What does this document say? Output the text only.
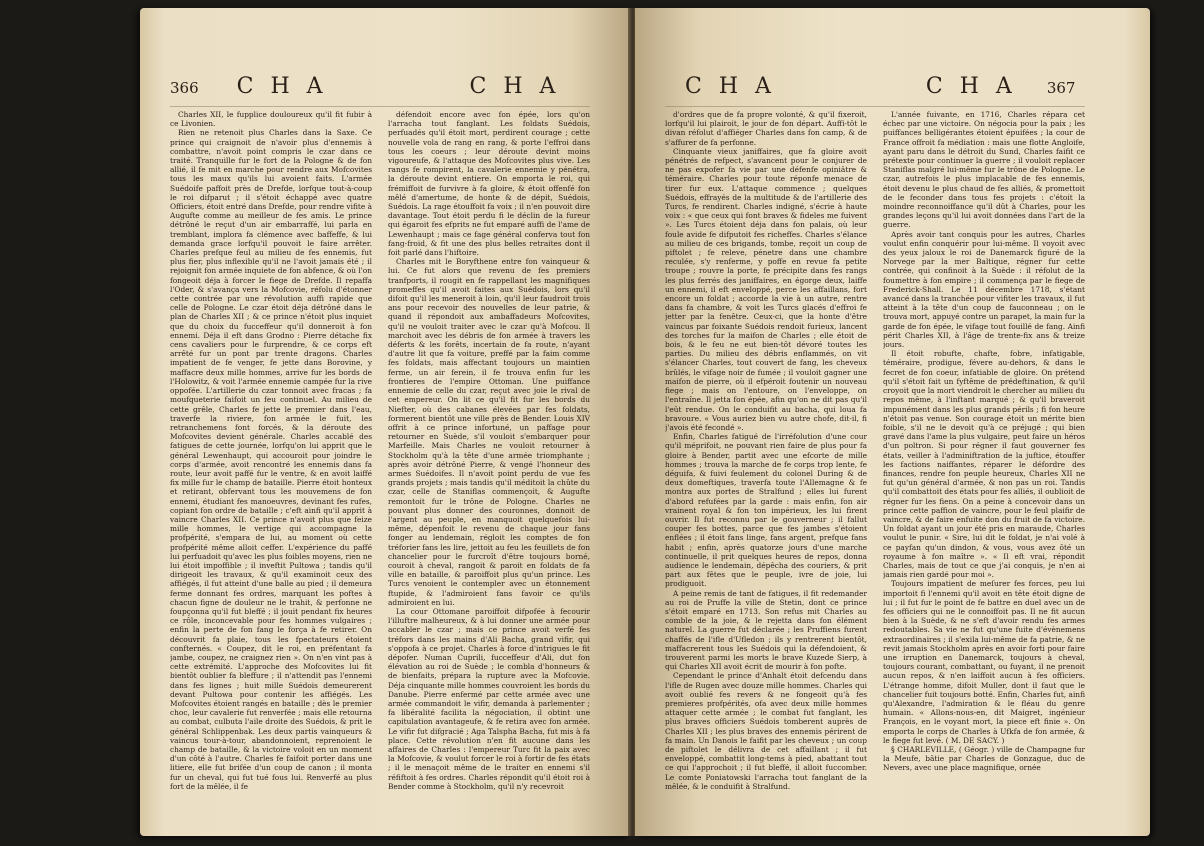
366 C H A	C H A

Charles XII, le fupplice douloureux qu'il fit fubir à ce Livonien.

Rien ne retenoit plus Charles dans la Saxe. Ce prince qui craignoit de n'avoir plus d'ennemis à combattre, n'avoit point compris le czar dans ce traité. Tranquille fur le fort de la Pologne & de fon allié, il fe mit en marche pour rendre aux Mofcovites tous les maux qu'ils lui avoient faits. L'armée Suédoife paffoit près de Drefde, lorfque tout-à-coup le roi difparut ; il s'étoit échappé avec quatre Officiers, étoit entré dans Drefde, pour rendre vifite à Augufte comme au meilleur de fes amis. Le prince détrôné le reçut d'un air embarraffé, lui parla en tremblant, implora fa clémence avec baffeffe, & lui demanda grace lorfqu'il pouvoit le faire arrêter. Charles prefque feul au milieu de fes ennemis, fut plus fier, plus inflexible qu'il ne l'avoit jamais été ; il rejoignit fon armée inquiete de fon abfence, & où l'on fongeoit déja à forcer le fiege de Drefde. Il repaffa l'Oder, & s'avança vers la Mofcovie, réfolu d'étonner cette contrée par une révolution auffi rapide que celle de Pologne. Le czar étoit déja détrôné dans le plan de Charles XII ; & ce prince n'étoit plus inquiet que du choix du fucceffeur qu'il donneroit à fon ennemi. Déja il eft dans Grodno : Pierre détache fix cens cavaliers pour le furprendre, & ce corps eft arrêté fur un pont par trente dragons. Charles impatient de fe venger, fe jette dans Borovine, y maffacre deux mille hommes, arrive fur les bords de l'Holowitz, & voit l'armée ennemie campée fur la rive oppofée. L'artillerie du czar tonnoit avec fracas ; fa moufqueterie faifoit un feu continuel. Au milieu de cette grêle, Charles fe jette le premier dans l'eau, traverfe la riviere, fon armée le fuit, les retranchemens font forcés, & la déroute des Mofcovites devient générale. Charles accablé des fatigues de cette journée, lorfqu'on lui apprit que le général Lewenhaupt, qui accouroit pour joindre le corps d'armée, avoit rencontré les ennemis dans fa route, leur avoit paffé fur le ventre, & en avoit laiffé fix mille fur le champ de bataille. Pierre étoit honteux et retirant, obfervant tous les mouvemens de fon ennemi, étudiant fes manoeuvres, devinant fes rufes, copiant fon ordre de bataille ; c'eft ainfi qu'il apprit à vaincre Charles XII. Ce prince n'avoit plus que feize mille hommes, le vertige qui accompagne la profpérité, s'empara de lui, au moment où cette profpérité même alloit ceffer. L'expérience du paffé lui perfuadoit qu'avec les plus foibles moyens, rien ne lui étoit impoffible ; il inveftit Pultowa ; tandis qu'il dirigeoit les travaux, & qu'il examinoit ceux des affiégés, il fut atteint d'une balle au pied ; il demeura ferme donnant fes ordres, marquant les poftes à chacun figne de douleur ne le trahit, & perfonne ne foupçonna qu'il fut bleffé ; il jouit pendant fix heures ce rôle, inconcevable pour fes hommes vulgaires ; enfin la perte de fon fang le força à fe retirer. On découvrit fa plaie, tous les fpectateurs étoient confternés. « Coupez, dit le roi, en préfentant fa jambe, coupez, ne craignez rien ». On n'en vint pas à cette extrémité. L'approche des Mofcovites lui fit bientôt oublier fa bleffure ; il n'attendit pas l'ennemi dans fes lignes ; huit mille Suédois demeurerent devant Pultowa pour contenir les affiégés. Les Mofcovites étoient rangés en bataille ; dès le premier choc, leur cavalerie fut renverfée ; mais elle retourna au combat, culbuta l'aile droite des Suédois, & prit le général Schlippenbak. Les deux partis vainqueurs & vaincus tour-à-tour, abandonnoient, reprenoient le champ de bataille, & la victoire voloit en un moment d'un côté à l'autre. Charles fe faifoit porter dans une litiere, elle fut brifée d'un coup de canon ; il monta fur un cheval, qui fut tué fous lui. Renverfé au plus fort de la mêlée, il fe

défendoit encore avec fon épée, lors qu'on l'arracha tout fanglant. Les foldats Suédois, perfuadés qu'il étoit mort, perdirent courage ; cette nouvelle vola de rang en rang, & porte l'effroi dans tous les coeurs ; leur déroute devint moins vigoureufe, & l'attaque des Mofcovites plus vive. Les rangs fe rompirent, la cavalerie ennemie y pénétra, la déroute devint entiere. On emporta le roi, qui frémiffoit de furvivre à fa gloire, & étoit offenfé fon mêlé d'amertume, de honte & de dépit, Suédois, Suédois. La rage étouffoit fa voix ; il n'en pouvoit dire davantage. Tout étoit perdu fi le déclin de la fureur qui égaroit fes efprits ne fut emparé auffi de l'ame de Lewenhaupt ; mais ce fage général conferva tout fon fang-froid, & fit une des plus belles retraites dont il foit parlé dans l'hiftoire.

Charles mit le Boryfthene entre fon vainqueur & lui. Ce fut alors que revenu de fes premiers tranfports, il rougit en fe rappellant les magnifiques promeffes qu'il avoit faites aux Suédois, lors qu'il difoit qu'il les meneroit à loin, qu'il leur faudroit trois ans pour recevoir des nouvelles de leur patrie, & quand il répondoit aux ambaffadeurs Mofcovites, qu'il ne vouloit traiter avec le czar qu'à Mofcou. Il marchoit avec les débris de fon armée à travers les déferts & les forêts, incertain de fa route, n'ayant d'autre lit que fa voiture, preffé par la faim comme fes foldats, mais affectant toujours un maintien ferme, un air ferein, il fe trouva enfin fur les frontieres de l'empire Ottoman. Une puiffance ennemie de celle du czar, reçut avec joie le rival de cet empereur. On lit ce qu'il fit fur les bords du Niefter, où des cabanes élevées par fes foldats, formerent bientôt une ville près de Bender. Louis XIV offrit à ce prince infortuné, un paffage pour retourner en Suède, s'il vouloit s'embarquer pour Marfeille. Mais Charles ne vouloit retourner à Stockholm qu'à la tête d'une armée triomphante ; après avoir détrôné Pierre, & vengé l'honneur des armes Suédoifes. Il n'avoit point perdu de vue fes grands projets ; mais tandis qu'il méditoit la chûte du czar, celle de Staniflas commençoit, & Augufte remontoit fur le trône de Pologne. Charles ne pouvant plus donner des couronnes, donnoit de l'argent au peuple, en manquoit quelquefois lui-même, dépenfoit le revenu de chaque jour fans fonger au lendemain, régloit les comptes de fon tréforier fans les lire, jettoit au feu les feuillets de fon chancelier pour le furcroît d'être toujours borné, couroit à cheval, rangoit & paroit en foldats de fa ville en bataille, & paroiffoit plus qu'un prince. Les Turcs venoient le contempler avec un étonnement ftupide, & l'admiroient fans favoir ce qu'ils admiroient en lui.

La cour Ottomane paroiffoit difpofée à fecourir l'illuftre malheureux, & à lui donner une armée pour accabler le czar ; mais ce prince avoit verfé fes tréfors dans les mains d'Ali Bacha, grand vifir, qui s'oppofa à ce projet. Charles à force d'intrigues le fit dépofer. Numan Cuprili, fucceffeur d'Ali, dut fon élévation au roi de Suède ; le combla d'honneurs & de bienfaits, prépara la rupture avec la Mofcovie. Déja cinquante mille hommes couvroient les bords du Danube. Pierre enfermé par cette armée avec une armée commandoit le vifir, demanda à parlementer ; fa libéralité facilita la négociation, il obtint une capitulation avantageufe, & fe retira avec fon armée. Le vifir fut difgracié ; Aga Talspha Bacha, fut mis à fa place. Cette révolution n'en fit aucune dans les affaires de Charles : l'empereur Turc fit la paix avec la Mofcovie, & voulut forcer le roi à fortir de fes états ; il le menaçoit même de le traiter en ennemi s'il réfiftoit à fes ordres. Charles répondit qu'il étoit roi à Bender comme à Stockholm, qu'il n'y recevroit

C H A	C H A 367

d'ordres que de fa propre volonté, & qu'il fixeroit, lorfqu'il lui plairoit, le jour de fon départ. Auffi-tôt le divan réfolut d'affiéger Charles dans fon camp, & de s'affurer de fa perfonne.

Cinquante vieux janiffaires, que fa gloire avoit pénétrés de refpect, s'avancent pour le conjurer de ne pas expofer fa vie par une défenfe opiniâtre & téméraire. Charles pour toute réponfe menace de tirer fur eux. L'attaque commence ; quelques Suédois, effrayés de la multitude & de l'artillerie des Turcs, fe rendirent. Charles indigné, s'écrie à haute voix : « que ceux qui font braves & fideles me fuivent ». Les Turcs étoient déja dans fon palais, où leur foule avide fe difputoit fes richeffes. Charles s'élance au milieu de ces brigands, tombe, reçoit un coup de piftolet ; fe releve, pénetre dans une chambre reculée, s'y renferme, y poffe en revue fa petite troupe ; rouvre la porte, fe précipite dans fes rangs les plus ferrés des janiffaires, en égorge deux, laiffe un ennemi, il eft enveloppé, perce les affaillans, fort encore un foldat ; accorde la vie à un autre, rentre dans fa chambre, & voit les Turcs glacés d'effroi fe jetter par la fenêtre. Ceux-ci, que la honte d'être vaincus par foixante Suédois rendoit furieux, lancent des torches fur la maifon de Charles ; elle étoit de bois, & le feu ne eut bien-tôt dévoré toutes les parties. Du milieu des débris enflammés, on vit s'élancer Charles, tout couvert de fang, les cheveux brûlés, le vifage noir de fumée ; il vouloit gagner une maifon de pierre, où il efpéroit foutenir un nouveau fiege ; mais on l'entoure, on l'enveloppe, on l'entraîne. Il jetta fon épée, afin qu'on ne dit pas qu'il l'eût rendue. On le conduifit au bacha, qui loua fa bravoure. « Vous auriez bien vu autre chofe, dit-il, fi j'avois été fecondé ».

Enfin, Charles fatigué de l'irréfolution d'une cour qu'il méprifoit, ne pouvant rien faire de plus pour fa gloire à Bender, partit avec une efcorte de mille hommes ; trouva la marche de fe corps trop lente, fe déguifa, & fuivi feulement du colonel During & de deux domeftiques, traverfa toute l'Allemagne & fe montra aux portes de Stralfund ; elles lui furent d'abord refufées par la garde : mais enfin, fon air vrainent royal & fon ton impérieux, les lui firent ouvrir. Il fut reconnu par le gouverneur ; il fallut couper fes bottes, parce que fes jambes s'étoient enflées ; il étoit fans linge, fans argent, prefque fans habit ; enfin, après quatorze jours d'une marche continuelle, il prit quelques heures de repos, donna audience le lendemain, dépêcha des couriers, & prit part aux fêtes que le peuple, ivre de joie, lui prodiguoit.

A peine remis de tant de fatigues, il fit redemander au roi de Pruffe la ville de Stetin, dont ce prince s'étoit emparé en 1713. Son refus mit Charles au comble de la joie, & le rejetta dans fon élément naturel. La guerre fut déclarée ; les Pruffiens furent chaffés de l'ifle d'Ufledon ; ils y rentrerent bientôt, maffacrerent tous les Suédois qui la défendoient, & trouverent parmi les morts le brave Kuzede Sierp, à qui Charles XII avoit écrit de mourir à fon pofte.

Cependant le prince d'Anhalt étoit defcendu dans l'ifle de Rugen avec douze mille hommes. Charles qui avoit oublié fes revers & ne fongeoit qu'à fes premieres profpérités, ofa avec deux mille hommes attaquer cette armée ; le combat fut fanglant, les plus braves officiers Suédois tomberent auprès de Charles XII ; les plus braves des ennemis périrent de fa main. Un Danois le faifit par les cheveux ; un coup de piftolet le délivra de cet affaillant ; il fut enveloppé, combattit long-tems à pied, abattant tout ce qui l'approchoit ; il fut bleffé, il alloit fuccomber. Le comte Poniatowski l'arracha tout fanglant de la mêlée, & le conduifit à Stralfund.

L'année fuivante, en 1716, Charles répara cet échec par une victoire. On négocia pour la paix ; les puiffances belligérantes étoient épuifées ; la cour de France offroit fa médiation : mais une flotte Angloife, ayant paru dans le détroit du Sund, Charles faifit ce prétexte pour continuer la guerre ; il vouloit replacer Staniflas malgré lui-même fur le trône de Pologne. Le czar, autrefois le plus implacable de fes ennemis, étoit devenu le plus chaud de fes alliés, & promettoit de le feconder dans tous fes projets : c'étoit la moindre reconnoiffance qu'il dût à Charles, pour les grandes leçons qu'il lui avoit données dans l'art de la guerre.

Après avoir tant conquis pour les autres, Charles voulut enfin conquérir pour lui-même. Il voyoit avec des yeux jaloux le roi de Danemarck figuré de la Norvege par la mer Baltique, régner fur cette contrée, qui confinoit à la Suède : il réfolut de la foumettre à fon empire ; il commença par le fiege de Frederick-Shall. Le 11 décembre 1718, s'étant avancé dans la tranchée pour vifiter les travaux, il fut atteint à la tête d'un coup de fauconneau ; on le trouva mort, appuyé contre un parapet, la main fur la garde de fon épée, le vifage tout fouillé de fang. Ainfi périt Charles XII, à l'âge de trente-fix ans & treize jours.

Il étoit robufte, chafte, fobre, infatigable, téméraire, prodigue, févere au-dehors, & dans le fecret de fon coeur, infatiable de gloire. On prétend qu'il s'étoit fait un fyftême de prédeftination, & qu'il croyoit que la mort viendroit le chercher au milieu du repos même, à l'inftant marqué ; & qu'il braveroit impunément dans les plus grands périls ; fi fon heure n'étoit pas venue. Son courage étoit un mérite bien foible, s'il ne le devoit qu'à ce préjugé ; qui bien gravé dans l'ame la plus vulgaire, peut faire un héros d'un poltron. Si pour régner il faut gouverner fes états, veiller à l'adminiftration de la juftice, étouffer les factions naiffantes, réparer le défordre des finances, rendre fon peuple heureux, Charles XII ne fut qu'un général d'armée, & non pas un roi. Tandis qu'il combattoit des états pour fes alliés, il oublioit de régner fur les fiens. On a peine à concevoir dans un prince cette paffion de vaincre, pour le feul plaifir de vaincre, & de faire enfuite don du fruit de fa victoire. Un foldat ayant un jour été pris en maraude, Charles voulut le punir. « Sire, lui dit le foldat, je n'ai volé à ce payfan qu'un dindon, & vous, vous avez ôté un royaume à fon maître ». « Il eft vrai, répondit Charles, mais de tout ce que j'ai conquis, je n'en ai jamais rien gardé pour moi ».

Toujours impatient de meſurer fes forces, peu lui importoit fi l'ennemi qu'il avoit en tête étoit digne de lui ; il fut fur le point de fe battre en duel avec un de fes officiers qui ne le connoiffoit pas. Il ne fit aucun bien à la Suède, & ne s'eft d'avoir rendu fes armes redoutables. Sa vie ne fut qu'une fuite d'évènemens extraordinaires ; il s'exila lui-même de fa patrie, & ne revit jamais Stockholm après en avoir forti pour faire une irruption en Danemarck, toujours à cheval, toujours courant, combattant, ou fuyant, il ne prenoit aucun repos, & n'en laiffoit aucun à fes officiers. L'étrange homme, difoit Muller, dont il faut que le chancelier fuit toujours botté. Enfin, Charles fut, ainfi qu'Alexandre, l'admiration & le fléau du genre humain. « Allons-nous-en, dit Maigret, ingénieur François, en le voyant mort, la piece eft finie ». On emporta le corps de Charles à Ufkfa de fon armée, & le fiege fut levé. ( M. DE SACY. )

§ CHARLEVILLE, ( Géogr. ) ville de Champagne fur la Meufe, bâtie par Charles de Gonzague, duc de Nevers, avec une place magnifique, ornée
